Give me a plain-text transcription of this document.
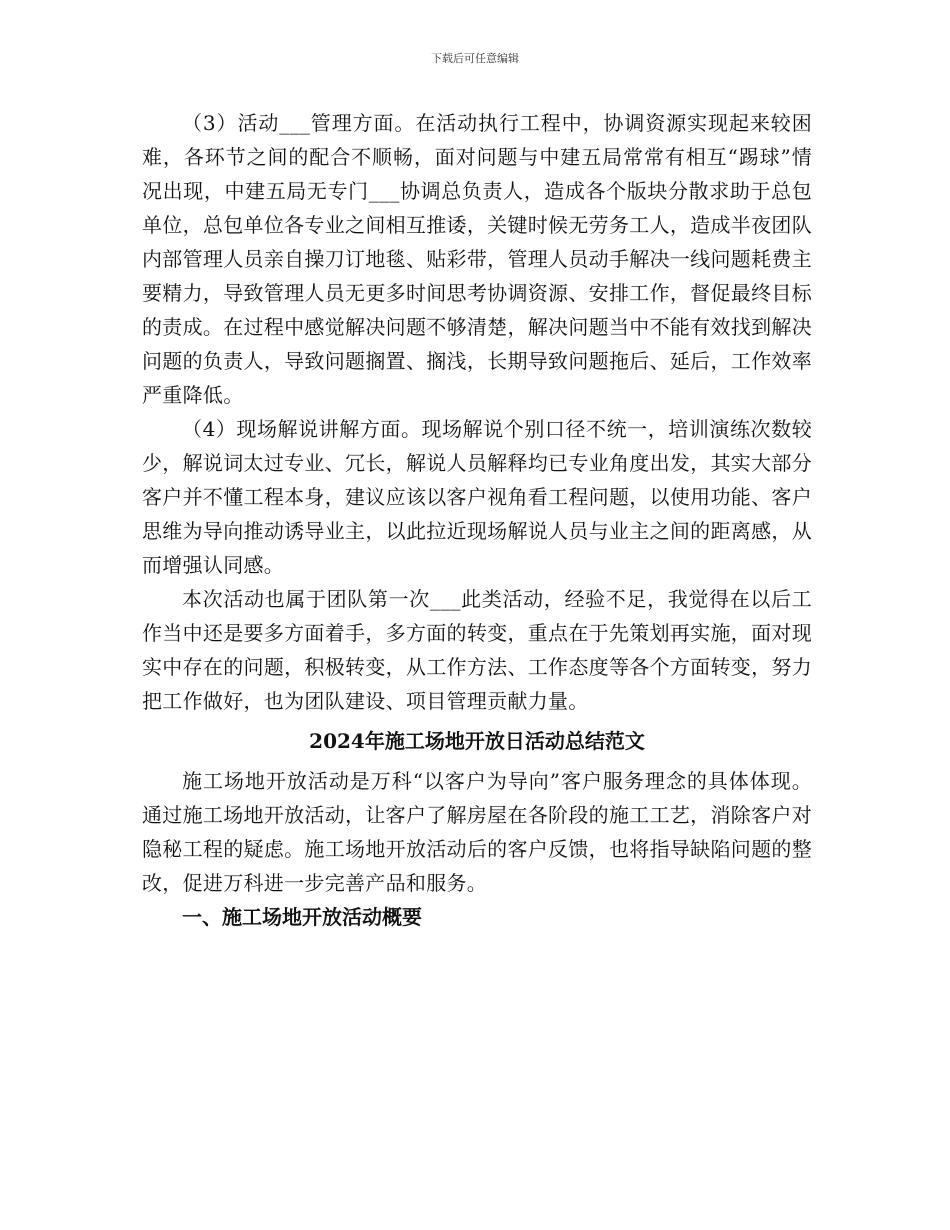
下载后可任意编辑

（3）活动___管理方面。在活动执行工程中，协调资源实现起来较困难，各环节之间的配合不顺畅，面对问题与中建五局常常有相互“踢球”情况出现，中建五局无专门___协调总负责人，造成各个版块分散求助于总包单位，总包单位各专业之间相互推诿，关键时候无劳务工人，造成半夜团队内部管理人员亲自操刀订地毯、贴彩带，管理人员动手解决一线问题耗费主要精力，导致管理人员无更多时间思考协调资源、安排工作，督促最终目标的责成。在过程中感觉解决问题不够清楚，解决问题当中不能有效找到解决问题的负责人，导致问题搁置、搁浅，长期导致问题拖后、延后，工作效率严重降低。

（4）现场解说讲解方面。现场解说个别口径不统一，培训演练次数较少，解说词太过专业、冗长，解说人员解释均已专业角度出发，其实大部分客户并不懂工程本身，建议应该以客户视角看工程问题，以使用功能、客户思维为导向推动诱导业主，以此拉近现场解说人员与业主之间的距离感，从而增强认同感。

本次活动也属于团队第一次___此类活动，经验不足，我觉得在以后工作当中还是要多方面着手，多方面的转变，重点在于先策划再实施，面对现实中存在的问题，积极转变，从工作方法、工作态度等各个方面转变，努力把工作做好，也为团队建设、项目管理贡献力量。

2024年施工场地开放日活动总结范文

施工场地开放活动是万科“以客户为导向”客户服务理念的具体体现。通过施工场地开放活动，让客户了解房屋在各阶段的施工工艺，消除客户对隐秘工程的疑虑。施工场地开放活动后的客户反馈，也将指导缺陷问题的整改，促进万科进一步完善产品和服务。

一、施工场地开放活动概要
